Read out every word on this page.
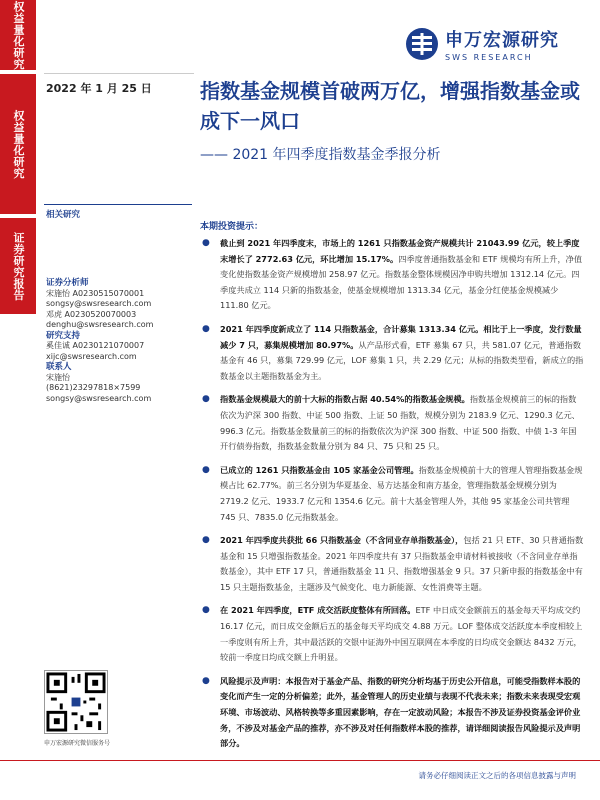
权益量化研究
权益量化研究
证券研究报告
申万宏源研究
SWS RESEARCH
2022 年 1 月 25 日 指数基金规模首破两万亿，增强指数基金或成下一风口
—— 2021 年四季度指数基金季报分析
相关研究
证券分析师
宋施怡 A0230515070001
songsy@swsresearch.com
邓虎 A0230520070003
denghu@swsresearch.com
研究支持
奚佳诚 A0230121070007
xijc@swsresearch.com
联系人
宋施怡
(8621)23297818×7599
songsy@swsresearch.com
申万宏源研究微信服务号
本期投资提示：
● 截止到 2021 年四季度末，市场上的 1261 只指数基金资产规模共计 21043.99 亿元，较上季度末增长了 2772.63 亿元，环比增加 15.17%。四季度普通指数基金和 ETF 规模均有所上升，净值变化使指数基金资产规模增加 258.97 亿元。指数基金整体规模因净申购共增加 1312.14 亿元。四季度共成立 114 只新的指数基金，使基金规模增加 1313.34 亿元，基金分红使基金规模减少 111.80 亿元。
● 2021 年四季度新成立了 114 只指数基金，合计募集 1313.34 亿元。相比于上一季度，发行数量减少 7 只，募集规模增加 80.97%。从产品形式看，ETF 募集 67 只，共 581.07 亿元，普通指数基金有 46 只，募集 729.99 亿元，LOF 募集 1 只，共 2.29 亿元；从标的指数类型看，新成立的指数基金以主题指数基金为主。
● 指数基金规模最大的前十大标的指数占据 40.54%的指数基金规模。指数基金规模前三的标的指数依次为沪深 300 指数、中证 500 指数、上证 50 指数，规模分别为 2183.9 亿元、1290.3 亿元、996.3 亿元。指数基金数量前三的标的指数依次为沪深 300 指数、中证 500 指数、中债 1-3 年国开行债券指数，指数基金数量分别为 84 只、75 只和 25 只。
● 已成立的 1261 只指数基金由 105 家基金公司管理。指数基金规模前十大的管理人管理指数基金规模占比 62.77%。前三名分别为华夏基金、易方达基金和南方基金，管理指数基金规模分别为 2719.2 亿元、1933.7 亿元和 1354.6 亿元。前十大基金管理人外，其他 95 家基金公司共管理 745 只、7835.0 亿元指数基金。
● 2021 年四季度共获批 66 只指数基金（不含同业存单指数基金），包括 21 只 ETF、30 只普通指数基金和 15 只增强指数基金。2021 年四季度共有 37 只指数基金申请材料被接收（不含同业存单指数基金），其中 ETF 17 只，普通指数基金 11 只、指数增强基金 9 只。37 只新申报的指数基金中有 15 只主题指数基金，主题涉及气候变化、电力新能源、女性消费等主题。
● 在 2021 年四季度，ETF 成交活跃度整体有所回落。ETF 中日成交金额前五的基金每天平均成交约 16.17 亿元，而日成交金额后五的基金每天平均成交 4.88 万元。LOF 整体成交活跃度本季度相较上一季度则有所上升，其中最活跃的交银中证海外中国互联网在本季度的日均成交金额达 8432 万元，较前一季度日均成交额上升明显。
● 风险提示及声明：本报告对于基金产品、指数的研究分析均基于历史公开信息，可能受指数样本股的变化而产生一定的分析偏差；此外，基金管理人的历史业绩与表现不代表未来；指数未来表现受宏观环境、市场波动、风格转换等多重因素影响，存在一定波动风险；本报告不涉及证券投资基金评价业务，不涉及对基金产品的推荐，亦不涉及对任何指数样本股的推荐，请详细阅读报告风险提示及声明部分。
请务必仔细阅读正文之后的各项信息披露与声明
